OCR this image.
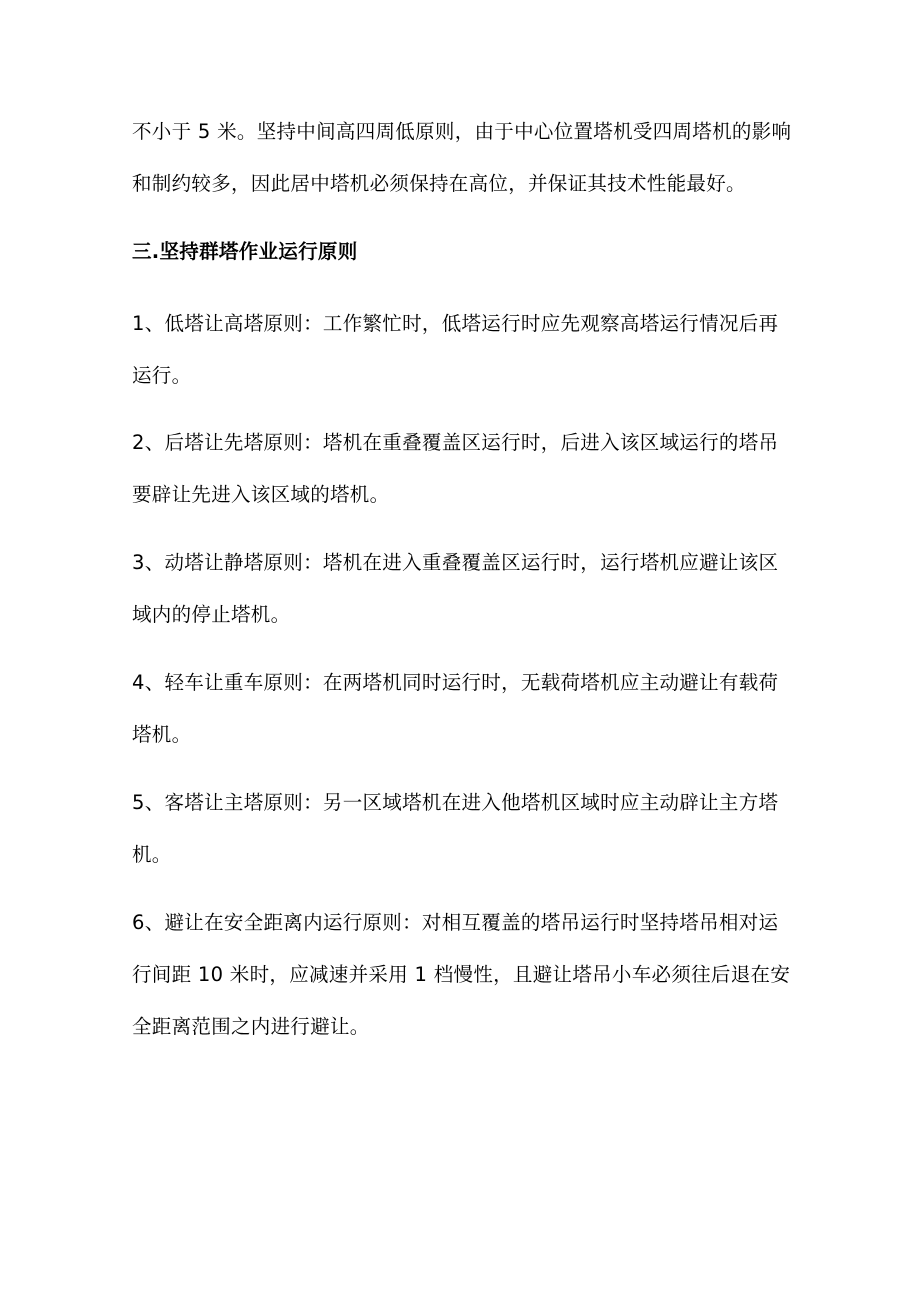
不小于 5 米。坚持中间高四周低原则，由于中心位置塔机受四周塔机的影响
和制约较多，因此居中塔机必须保持在高位，并保证其技术性能最好。

三.坚持群塔作业运行原则

1、低塔让高塔原则：工作繁忙时，低塔运行时应先观察高塔运行情况后再
运行。

2、后塔让先塔原则：塔机在重叠覆盖区运行时，后进入该区域运行的塔吊
要辟让先进入该区域的塔机。

3、动塔让静塔原则：塔机在进入重叠覆盖区运行时，运行塔机应避让该区
域内的停止塔机。

4、轻车让重车原则：在两塔机同时运行时，无载荷塔机应主动避让有载荷
塔机。

5、客塔让主塔原则：另一区域塔机在进入他塔机区域时应主动辟让主方塔
机。

6、避让在安全距离内运行原则：对相互覆盖的塔吊运行时坚持塔吊相对运
行间距 10 米时，应减速并采用 1 档慢性，且避让塔吊小车必须往后退在安
全距离范围之内进行避让。
